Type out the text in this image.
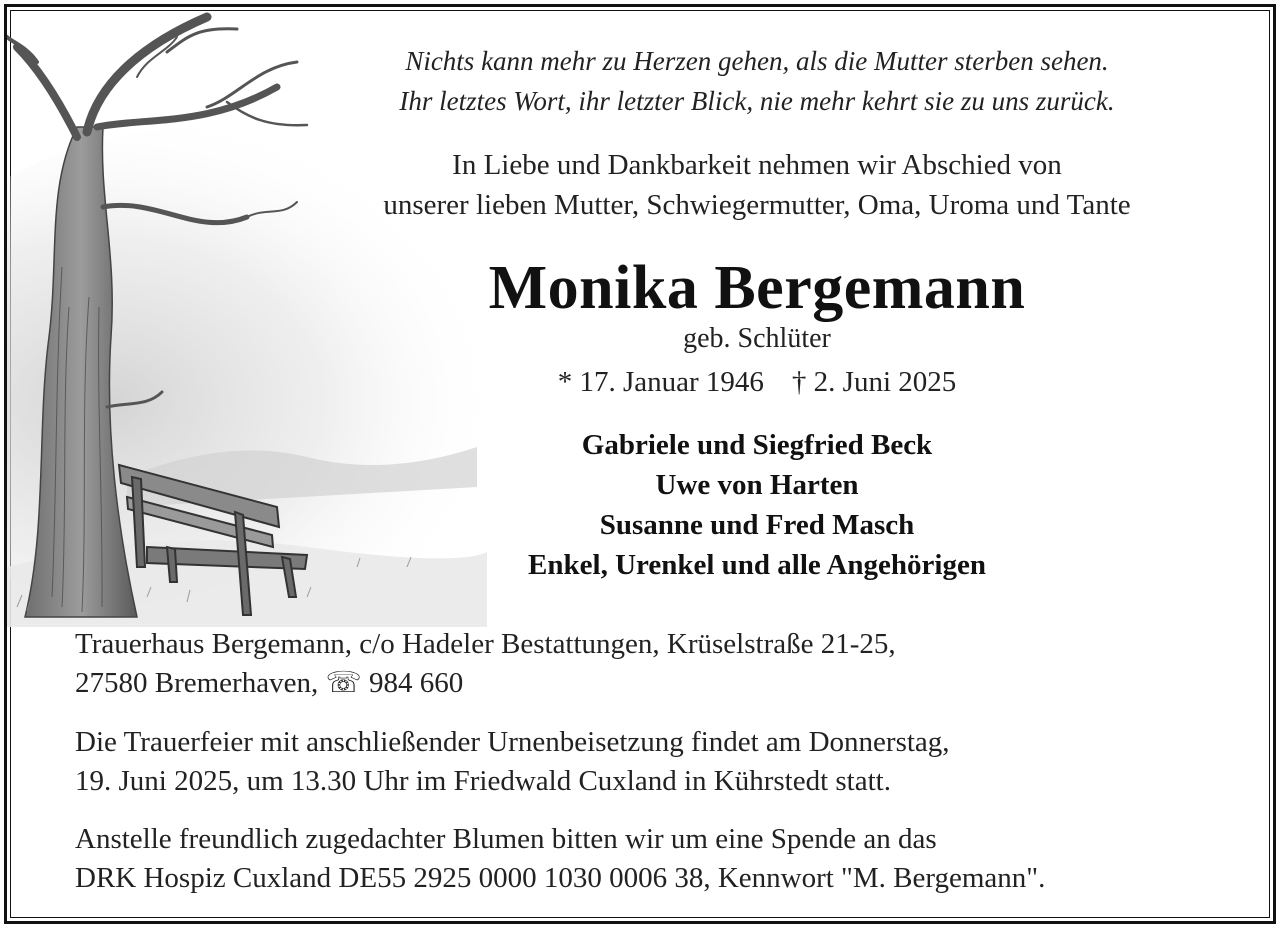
Nichts kann mehr zu Herzen gehen, als die Mutter sterben sehen.
Ihr letztes Wort, ihr letzter Blick, nie mehr kehrt sie zu uns zurück.
In Liebe und Dankbarkeit nehmen wir Abschied von
unserer lieben Mutter, Schwiegermutter, Oma, Uroma und Tante
Monika Bergemann
geb. Schlüter
* 17. Januar 1946 † 2. Juni 2025
Gabriele und Siegfried Beck
Uwe von Harten
Susanne und Fred Masch
Enkel, Urenkel und alle Angehörigen
Trauerhaus Bergemann, c/o Hadeler Bestattungen, Krüselstraße 21-25,
27580 Bremerhaven, ☏ 984 660
Die Trauerfeier mit anschließender Urnenbeisetzung findet am Donnerstag,
19. Juni 2025, um 13.30 Uhr im Friedwald Cuxland in Kührstedt statt.
Anstelle freundlich zugedachter Blumen bitten wir um eine Spende an das
DRK Hospiz Cuxland DE55 2925 0000 1030 0006 38, Kennwort "M. Bergemann".
